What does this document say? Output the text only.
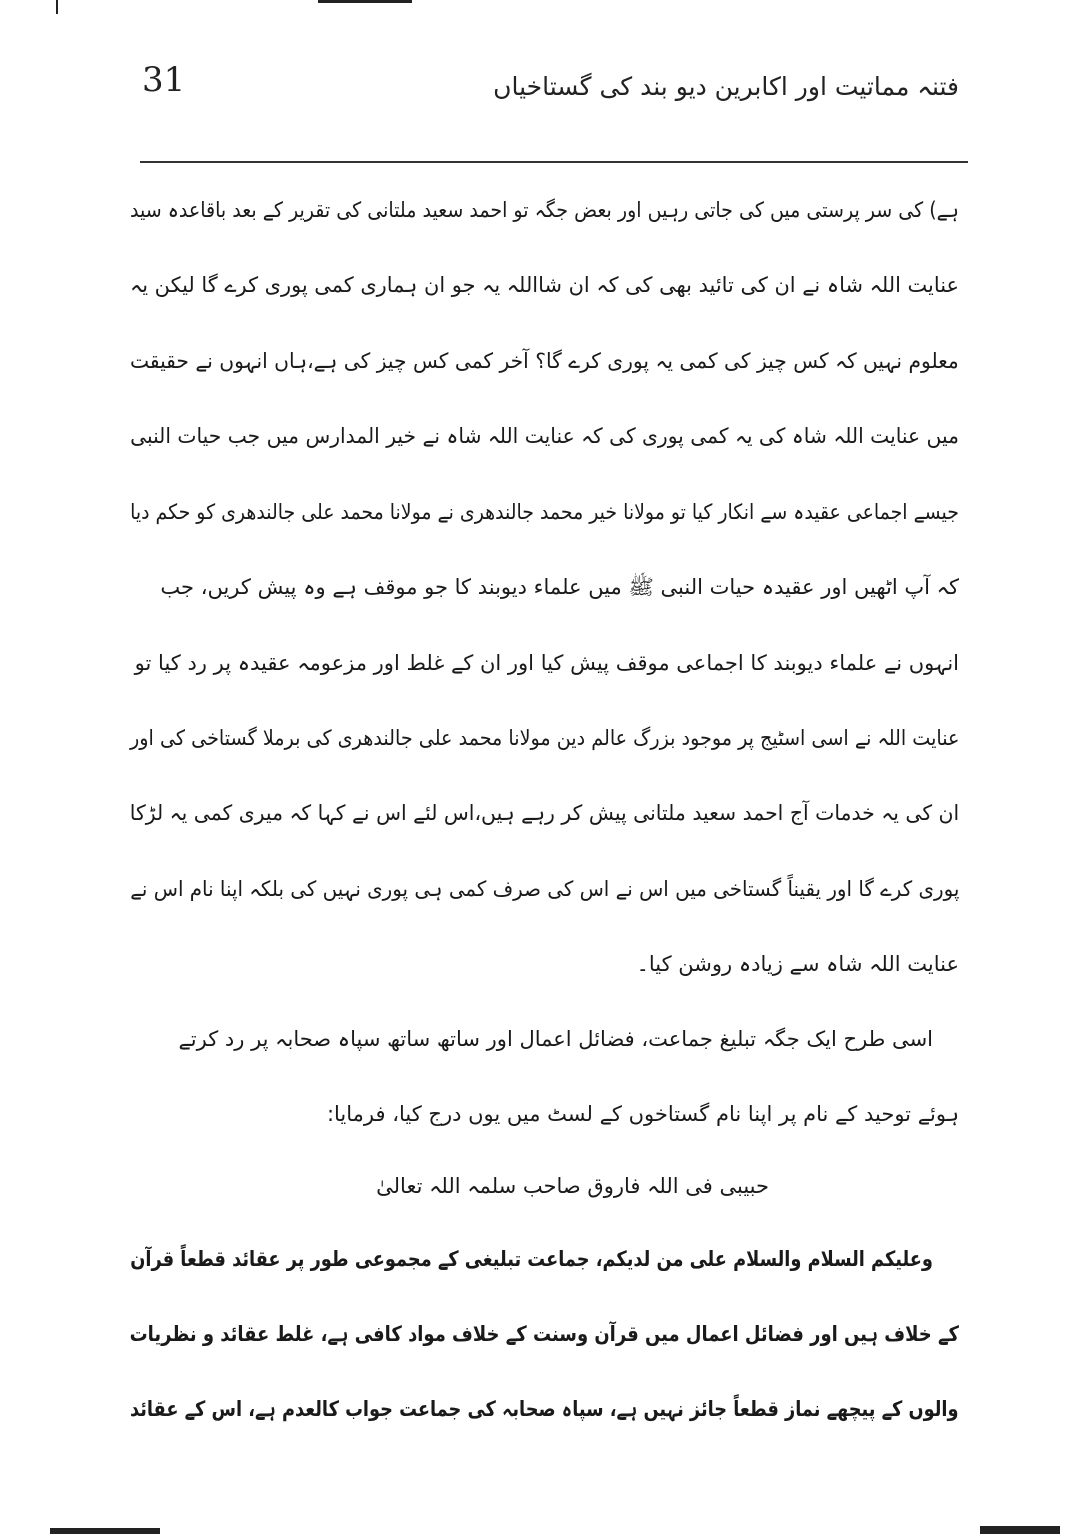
31	فتنہ مماتیت اور اکابرین دیو بند کی گستاخیاں
ہے) کی سر پرستی میں کی جاتی رہیں اور بعض جگہ تو احمد سعید ملتانی کی تقریر کے بعد باقاعدہ سید
عنایت اللہ شاہ نے ان کی تائید بھی کی کہ ان شااللہ یہ جو ان ہماری کمی پوری کرے گا لیکن یہ
معلوم نہیں کہ کس چیز کی کمی یہ پوری کرے گا؟ آخر کمی کس چیز کی ہے،ہاں انہوں نے حقیقت
میں عنایت اللہ شاہ کی یہ کمی پوری کی کہ عنایت اللہ شاہ نے خیر المدارس میں جب حیات النبی
جیسے اجماعی عقیدہ سے انکار کیا تو مولانا خیر محمد جالندھری نے مولانا محمد علی جالندھری کو حکم دیا
کہ آپ اٹھیں اور عقیدہ حیات النبی ﷺ میں علماء دیوبند کا جو موقف ہے وہ پیش کریں، جب
انہوں نے علماء دیوبند کا اجماعی موقف پیش کیا اور ان کے غلط اور مزعومہ عقیدہ پر رد کیا تو
عنایت اللہ نے اسی اسٹیج پر موجود بزرگ عالم دین مولانا محمد علی جالندھری کی برملا گستاخی کی اور
ان کی یہ خدمات آج احمد سعید ملتانی پیش کر رہے ہیں،اس لئے اس نے کہا کہ میری کمی یہ لڑکا
پوری کرے گا اور یقیناً گستاخی میں اس نے اس کی صرف کمی ہی پوری نہیں کی بلکہ اپنا نام اس نے
عنایت اللہ شاہ سے زیادہ روشن کیا۔
اسی طرح ایک جگہ تبلیغ جماعت، فضائل اعمال اور ساتھ ساتھ سپاہ صحابہ پر رد کرتے
ہوئے توحید کے نام پر اپنا نام گستاخوں کے لسٹ میں یوں درج کیا، فرمایا:
حبیبی فی اللہ فاروق صاحب سلمہ اللہ تعالیٰ
وعلیکم السلام والسلام علی من لدیکم، جماعت تبلیغی کے مجموعی طور پر عقائد قطعاً قرآن
کے خلاف ہیں اور فضائل اعمال میں قرآن وسنت کے خلاف مواد کافی ہے، غلط عقائد و نظریات
والوں کے پیچھے نماز قطعاً جائز نہیں ہے، سپاہ صحابہ کی جماعت جواب کالعدم ہے، اس کے عقائد
